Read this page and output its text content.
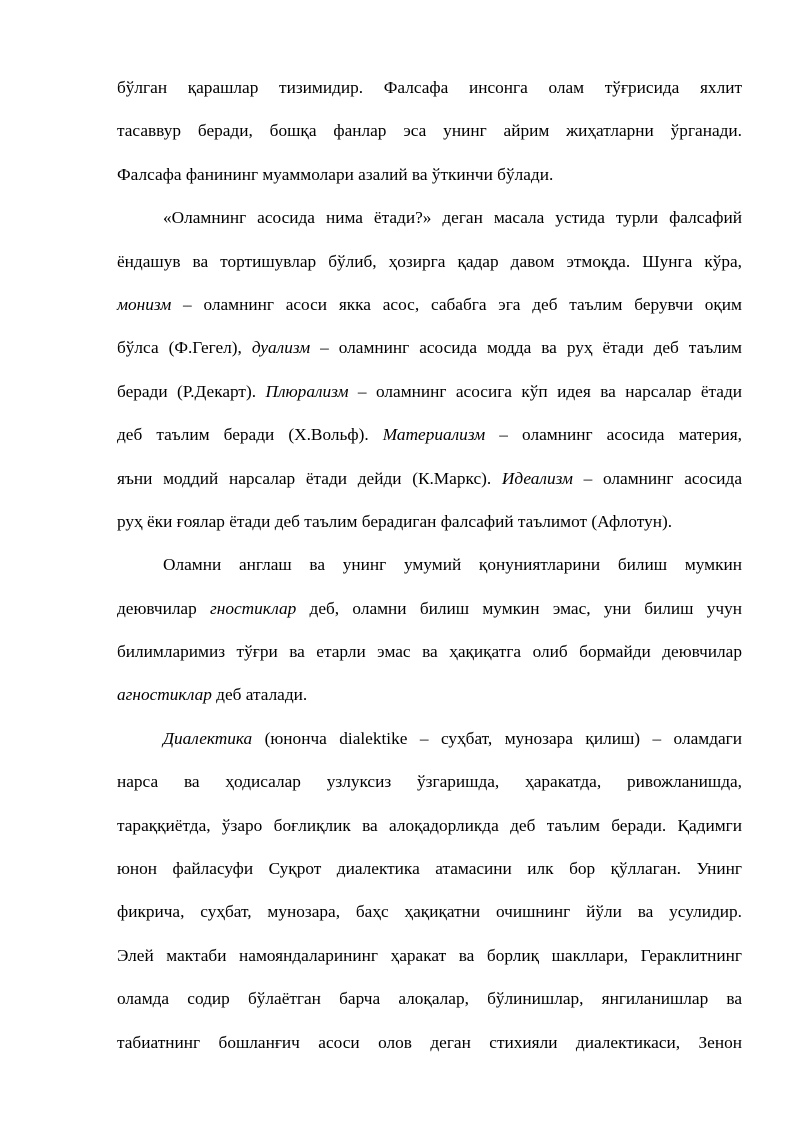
бўлган қарашлар тизимидир. Фалсафа инсонга олам тўғрисида яхлит
тасаввур беради, бошқа фанлар эса унинг айрим жиҳатларни ўрганади.
Фалсафа фанининг муаммолари азалий ва ўткинчи бўлади.
«Оламнинг асосида нима ётади?» деган масала устида турли фалсафий
ёндашув ва тортишувлар бўлиб, ҳозирга қадар давом этмоқда. Шунга кўра,
монизм – оламнинг асоси якка асос, сабабга эга деб таълим берувчи оқим
бўлса (Ф.Гегел), дуализм – оламнинг асосида модда ва руҳ ётади деб таълим
беради (Р.Декарт). Плюрализм – оламнинг асосига кўп идея ва нарсалар ётади
деб таълим беради (Х.Вольф). Материализм – оламнинг асосида материя,
яъни моддий нарсалар ётади дейди (К.Маркс). Идеализм – оламнинг асосида
руҳ ёки ғоялар ётади деб таълим берадиган фалсафий таълимот (Афлотун).
Оламни англаш ва унинг умумий қонуниятларини билиш мумкин
деювчилар гностиклар деб, оламни билиш мумкин эмас, уни билиш учун
билимларимиз тўғри ва етарли эмас ва ҳақиқатга олиб бормайди деювчилар
агностиклар деб аталади.
Диалектика (юнонча dialektike – суҳбат, мунозара қилиш) – оламдаги
нарса ва ҳодисалар узлуксиз ўзгаришда, ҳаракатда, ривожланишда,
тараққиётда, ўзаро боғлиқлик ва алоқадорликда деб таълим беради. Қадимги
юнон файласуфи Суқрот диалектика атамасини илк бор қўллаган. Унинг
фикрича, суҳбат, мунозара, баҳс ҳақиқатни очишнинг йўли ва усулидир.
Элей мактаби намояндаларининг ҳаракат ва борлиқ шакллари, Гераклитнинг
оламда содир бўлаётган барча алоқалар, бўлинишлар, янгиланишлар ва
табиатнинг бошланғич асоси олов деган стихияли диалектикаси, Зенон
